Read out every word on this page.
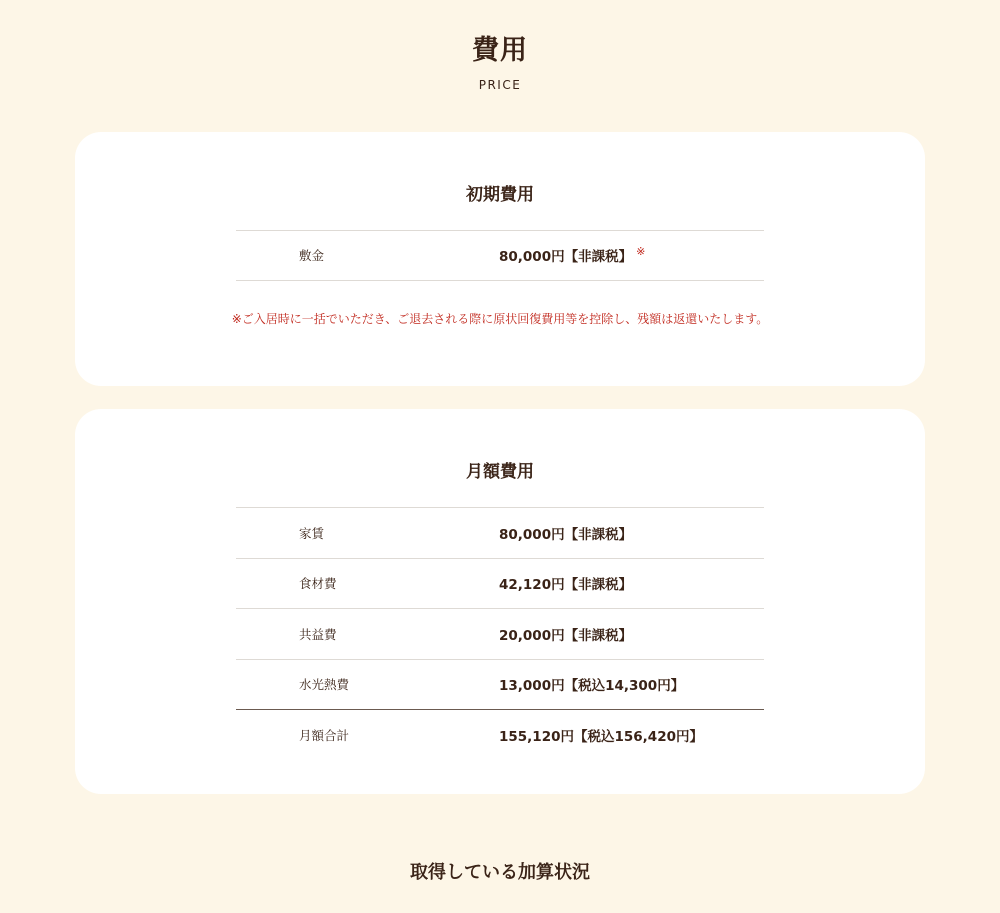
費用
PRICE
初期費用
敷金	80,000円【非課税】 ※

※ご入居時に一括でいただき、ご退去される際に原状回復費用等を控除し、残額は返還いたします。

月額費用
家賃	80,000円【非課税】
食材費	42,120円【非課税】
共益費	20,000円【非課税】
水光熱費	13,000円【税込14,300円】
月額合計	155,120円【税込156,420円】
取得している加算状況
